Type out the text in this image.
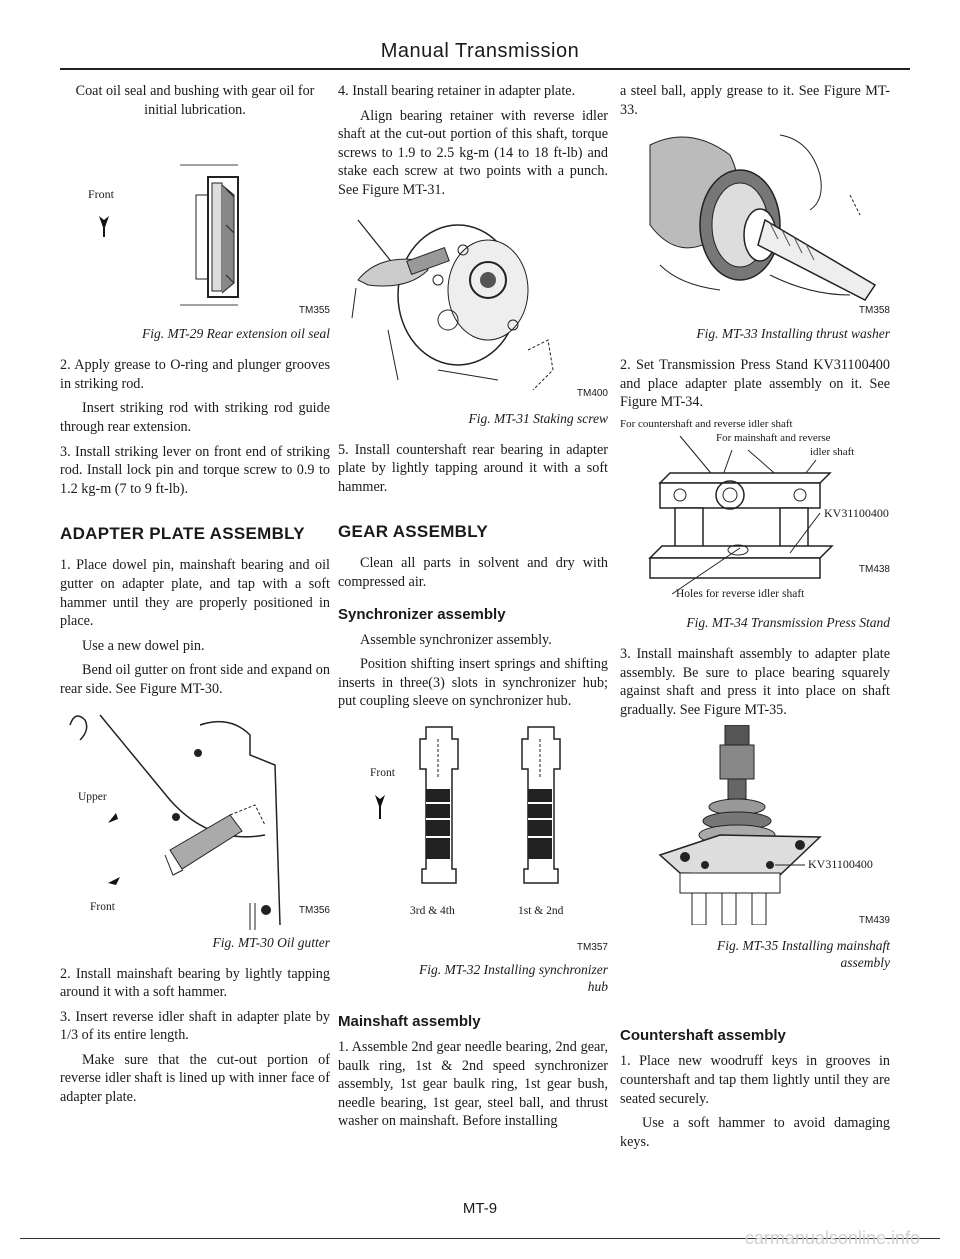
Manual Transmission

Coat oil seal and bushing with gear oil for initial lubrication.

Front
TM355
Fig. MT-29 Rear extension oil seal

2. Apply grease to O-ring and plunger grooves in striking rod.

Insert striking rod with striking rod guide through rear extension.

3. Install striking lever on front end of striking rod. Install lock pin and torque screw to 0.9 to 1.2 kg-m (7 to 9 ft-lb).

ADAPTER PLATE ASSEMBLY

1. Place dowel pin, mainshaft bearing and oil gutter on adapter plate, and tap with a soft hammer until they are properly positioned in place.

Use a new dowel pin.

Bend oil gutter on front side and expand on rear side. See Figure MT-30.

Upper
Front	TM356
Fig. MT-30 Oil gutter

2. Install mainshaft bearing by lightly tapping around it with a soft hammer.

3. Insert reverse idler shaft in adapter plate by 1/3 of its entire length.

Make sure that the cut-out portion of reverse idler shaft is lined up with inner face of adapter plate.

4. Install bearing retainer in adapter plate.

Align bearing retainer with reverse idler shaft at the cut-out portion of this shaft, torque screws to 1.9 to 2.5 kg-m (14 to 18 ft-lb) and stake each screw at two points with a punch. See Figure MT-31.

TM400
Fig. MT-31 Staking screw

5. Install countershaft rear bearing in adapter plate by lightly tapping around it with a soft hammer.

GEAR ASSEMBLY

Clean all parts in solvent and dry with compressed air.

Synchronizer assembly

Assemble synchronizer assembly.

Position shifting insert springs and shifting inserts in three(3) slots in synchronizer hub; put coupling sleeve on synchronizer hub.

Front
3rd & 4th	1st & 2nd
TM357
Fig. MT-32 Installing synchronizer
hub
Mainshaft assembly

1. Assemble 2nd gear needle bearing, 2nd gear, baulk ring, 1st & 2nd speed synchronizer assembly, 1st gear baulk ring, 1st gear bush, needle bearing, 1st gear, steel ball, and thrust washer on mainshaft. Before installing

a steel ball, apply grease to it. See Figure MT-33.

TM358
Fig. MT-33 Installing thrust washer

2. Set Transmission Press Stand KV31100400 and place adapter plate assembly on it. See Figure MT-34.

For countershaft and reverse idler shaft
For mainshaft and reverse
idler shaft
KV31100400
TM438
Holes for reverse idler shaft
Fig. MT-34 Transmission Press Stand

3. Install mainshaft assembly to adapter plate assembly. Be sure to place bearing squarely against shaft and press it into place on shaft gradually. See Figure MT-35.

KV31100400
TM439
Fig. MT-35 Installing mainshaft
assembly
Countershaft assembly

1. Place new woodruff keys in grooves in countershaft and tap them lightly until they are seated securely.

Use a soft hammer to avoid damaging keys.

MT-9
carmanualsonline.info
